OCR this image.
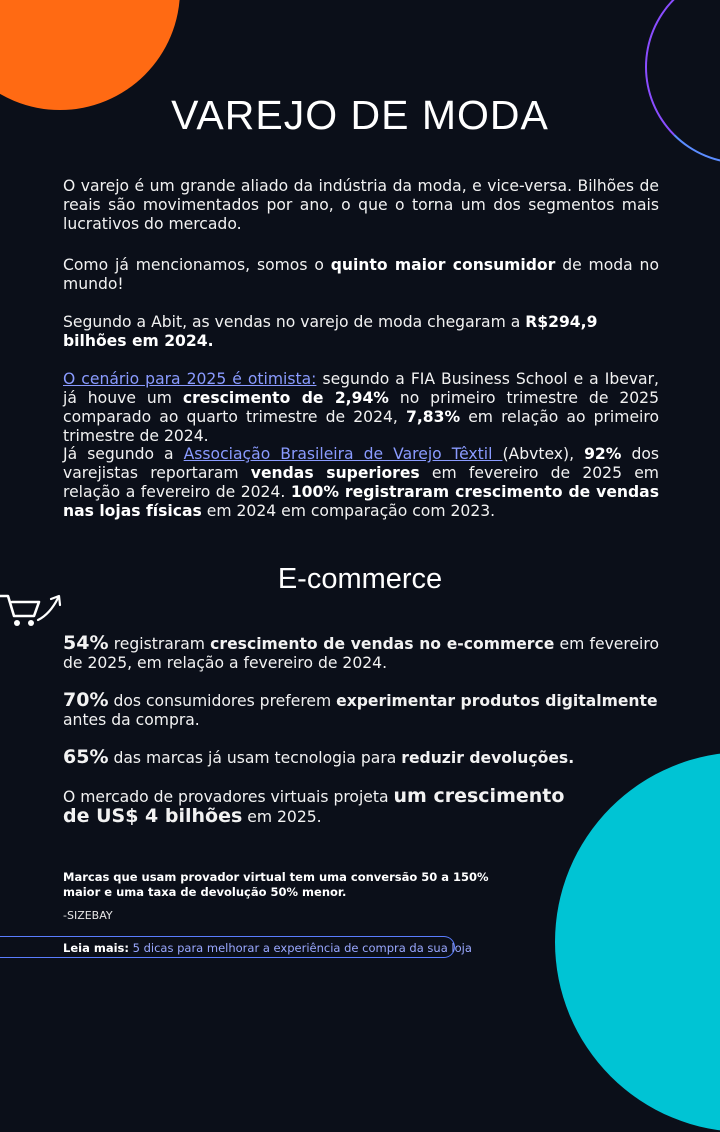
VAREJO DE MODA
O varejo é um grande aliado da indústria da moda, e vice-versa. Bilhões de reais são movimentados por ano, o que o torna um dos segmentos mais lucrativos do mercado.
Como já mencionamos, somos o quinto maior consumidor de moda no mundo!
Segundo a Abit, as vendas no varejo de moda chegaram a R$294,9 bilhões em 2024.
O cenário para 2025 é otimista: segundo a FIA Business School e a Ibevar, já houve um crescimento de 2,94% no primeiro trimestre de 2025 comparado ao quarto trimestre de 2024, 7,83% em relação ao primeiro trimestre de 2024.
Já segundo a Associação Brasileira de Varejo Têxtil (Abvtex), 92% dos varejistas reportaram vendas superiores em fevereiro de 2025 em relação a fevereiro de 2024. 100% registraram crescimento de vendas nas lojas físicas em 2024 em comparação com 2023.
E-commerce
54% registraram crescimento de vendas no e-commerce em fevereiro de 2025, em relação a fevereiro de 2024.
70% dos consumidores preferem experimentar produtos digitalmente antes da compra.
65% das marcas já usam tecnologia para reduzir devoluções.
O mercado de provadores virtuais projeta um crescimento de US$ 4 bilhões em 2025.
Marcas que usam provador virtual tem uma conversão 50 a 150% maior e uma taxa de devolução 50% menor.
-SIZEBAY
Leia mais: 5 dicas para melhorar a experiência de compra da sua loja
